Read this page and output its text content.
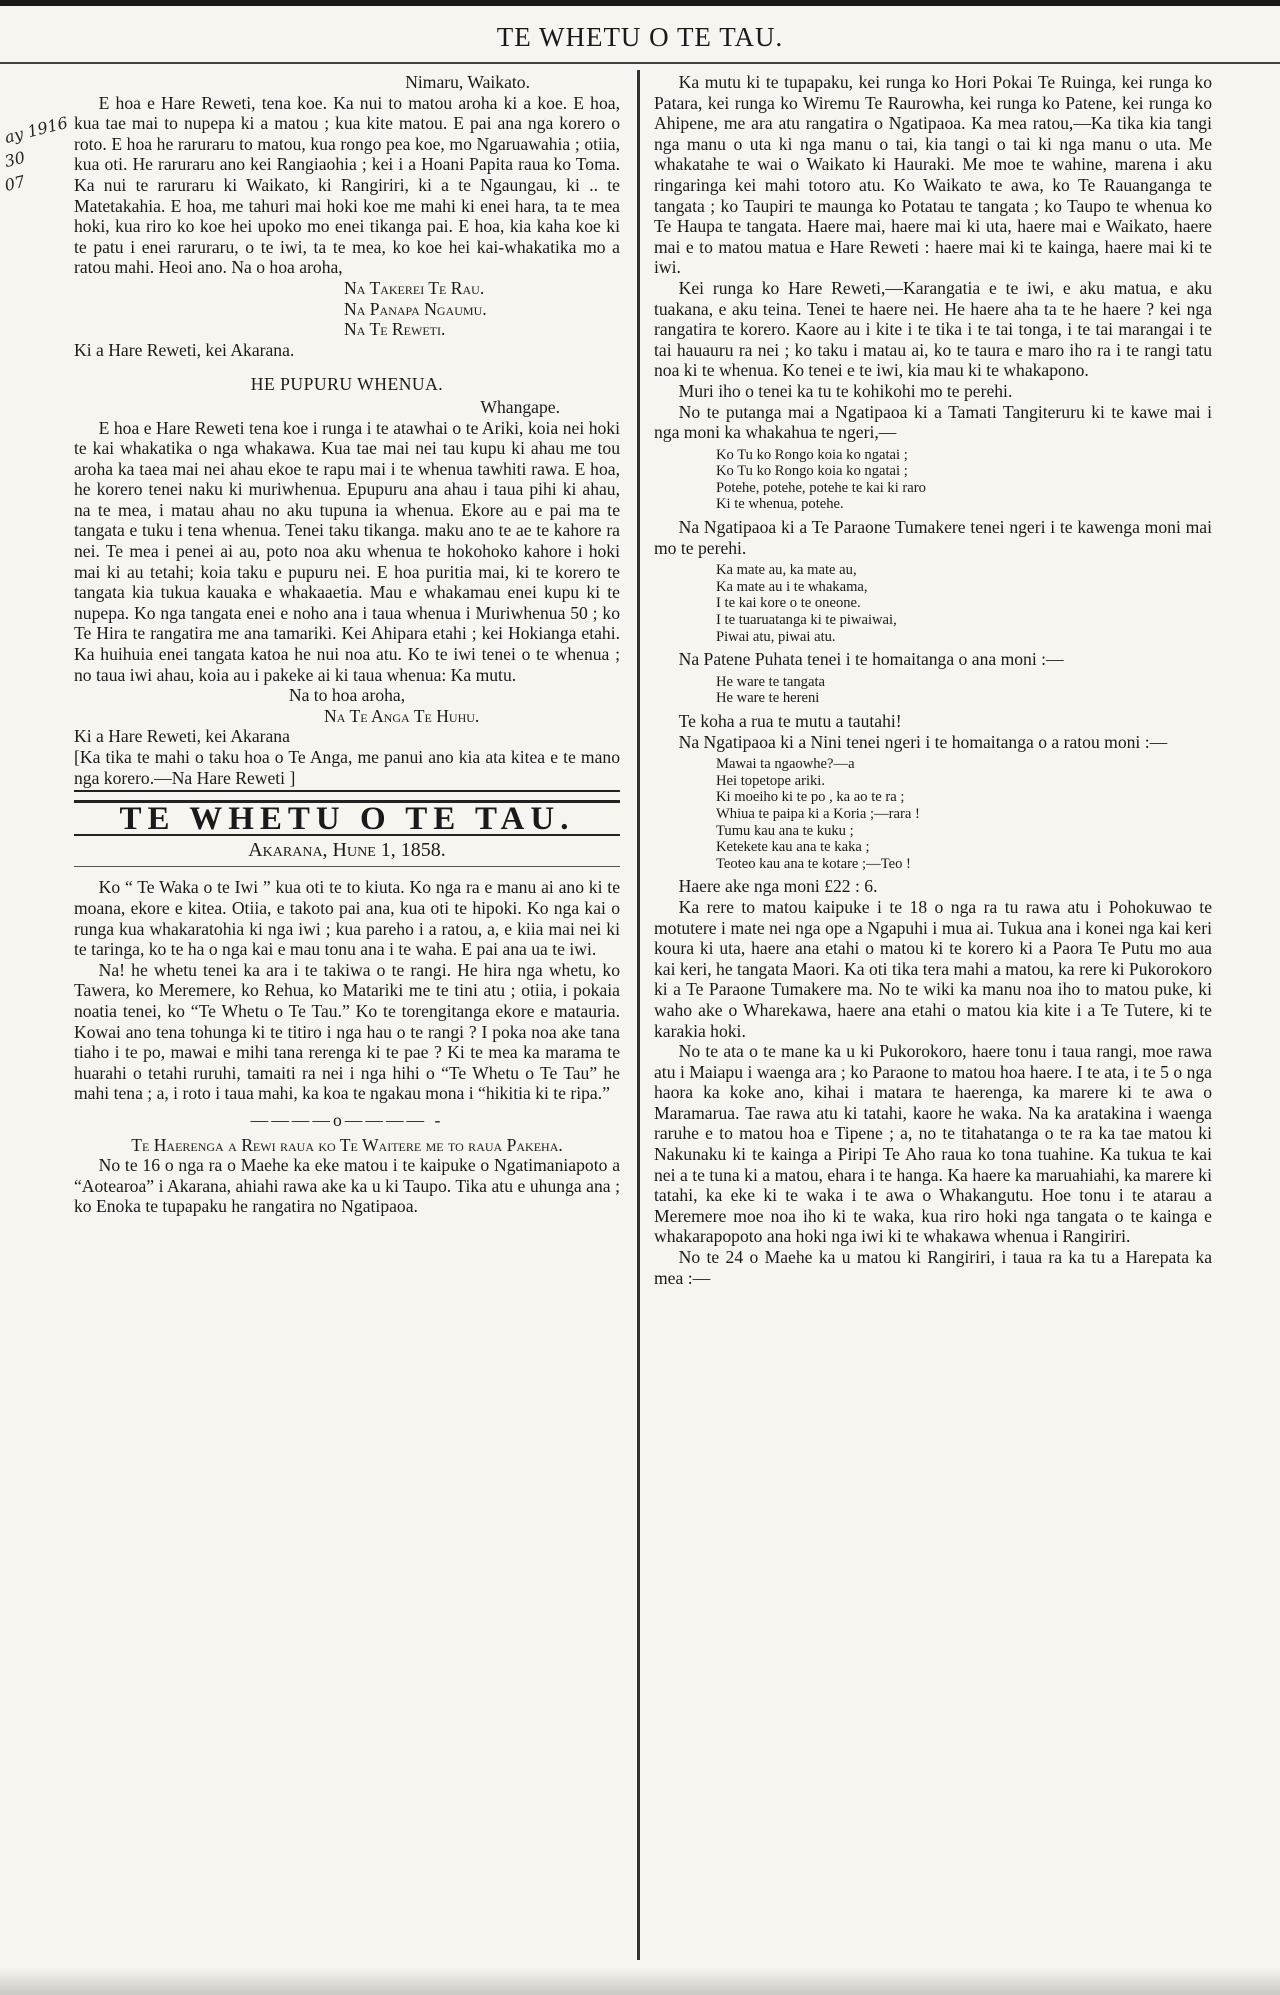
TE WHETU O TE TAU.
ay 1916
30
07

Nimaru, Waikato.

E hoa e Hare Reweti, tena koe. Ka nui to matou aroha ki a koe. E hoa, kua tae mai to nupepa ki a matou ; kua kite matou. E pai ana nga korero o roto. E hoa he raruraru to matou, kua rongo pea koe, mo Ngaruawahia ; otiia, kua oti. He raruraru ano kei Rangiaohia ; kei i a Hoani Papita raua ko Toma. Ka nui te raruraru ki Waikato, ki Rangiriri, ki a te Ngaungau, ki .. te Matetakahia. E hoa, me tahuri mai hoki koe me mahi ki enei hara, ta te mea hoki, kua riro ko koe hei upoko mo enei tikanga pai. E hoa, kia kaha koe ki te patu i enei raruraru, o te iwi, ta te mea, ko koe hei kai-whakatika mo a ratou mahi. Heoi ano. Na o hoa aroha,

Na Takerei Te Rau.

Na Panapa Ngaumu.

Na Te Reweti.

Ki a Hare Reweti, kei Akarana.

HE PUPURU WHENUA.

Whangape.

E hoa e Hare Reweti tena koe i runga i te atawhai o te Ariki, koia nei hoki te kai whakatika o nga whakawa. Kua tae mai nei tau kupu ki ahau me tou aroha ka taea mai nei ahau ekoe te rapu mai i te whenua tawhiti rawa. E hoa, he korero tenei naku ki muriwhenua. Epupuru ana ahau i taua pihi ki ahau, na te mea, i matau ahau no aku tupuna ia whenua. Ekore au e pai ma te tangata e tuku i tena whenua. Tenei taku tikanga. maku ano te ae te kahore ra nei. Te mea i penei ai au, poto noa aku whenua te hokohoko kahore i hoki mai ki au tetahi; koia taku e pupuru nei. E hoa puritia mai, ki te korero te tangata kia tukua kauaka e whakaaetia. Mau e whakamau enei kupu ki te nupepa. Ko nga tangata enei e noho ana i taua whenua i Muriwhenua 50 ; ko Te Hira te rangatira me ana tamariki. Kei Ahipara etahi ; kei Hokianga etahi. Ka huihuia enei tangata katoa he nui noa atu. Ko te iwi tenei o te whenua ; no taua iwi ahau, koia au i pakeke ai ki taua whenua: Ka mutu.

Na to hoa aroha,

Na Te Anga Te Huhu.

Ki a Hare Reweti, kei Akarana

[Ka tika te mahi o taku hoa o Te Anga, me panui ano kia ata kitea e te mano nga korero.—Na Hare Reweti ]

TE WHETU O TE TAU.
Akarana, Hune 1, 1858.

Ko “ Te Waka o te Iwi ” kua oti te to kiuta. Ko nga ra e manu ai ano ki te moana, ekore e kitea. Otiia, e takoto pai ana, kua oti te hipoki. Ko nga kai o runga kua whakaratohia ki nga iwi ; kua pareho i a ratou, a, e kiia mai nei ki te taringa, ko te ha o nga kai e mau tonu ana i te waha. E pai ana ua te iwi.

Na! he whetu tenei ka ara i te takiwa o te rangi. He hira nga whetu, ko Tawera, ko Meremere, ko Rehua, ko Matariki me te tini atu ; otiia, i pokaia noatia tenei, ko “Te Whetu o Te Tau.” Ko te torengitanga ekore e matauria. Kowai ano tena tohunga ki te titiro i nga hau o te rangi ? I poka noa ake tana tiaho i te po, mawai e mihi tana rerenga ki te pae ? Ki te mea ka marama te huarahi o tetahi ruruhi, tamaiti ra nei i nga hihi o “Te Whetu o Te Tau” he mahi tena ; a, i roto i taua mahi, ka koa te ngakau mona i “hikitia ki te ripa.”

————o———— -

Te Haerenga a Rewi raua ko Te Waitere me to raua Pakeha.

No te 16 o nga ra o Maehe ka eke matou i te kaipuke o Ngatimaniapoto a “Aotearoa” i Akarana, ahiahi rawa ake ka u ki Taupo. Tika atu e uhunga ana ; ko Enoka te tupapaku he rangatira no Ngatipaoa.

Ka mutu ki te tupapaku, kei runga ko Hori Pokai Te Ruinga, kei runga ko Patara, kei runga ko Wiremu Te Raurowha, kei runga ko Patene, kei runga ko Ahipene, me ara atu rangatira o Ngatipaoa. Ka mea ratou,—Ka tika kia tangi nga manu o uta ki nga manu o tai, kia tangi o tai ki nga manu o uta. Me whakatahe te wai o Waikato ki Hauraki. Me moe te wahine, marena i aku ringaringa kei mahi totoro atu. Ko Waikato te awa, ko Te Rauanganga te tangata ; ko Taupiri te maunga ko Potatau te tangata ; ko Taupo te whenua ko Te Haupa te tangata. Haere mai, haere mai ki uta, haere mai e Waikato, haere mai e to matou matua e Hare Reweti : haere mai ki te kainga, haere mai ki te iwi.

Kei runga ko Hare Reweti,—Karangatia e te iwi, e aku matua, e aku tuakana, e aku teina. Tenei te haere nei. He haere aha ta te he haere ? kei nga rangatira te korero. Kaore au i kite i te tika i te tai tonga, i te tai marangai i te tai hauauru ra nei ; ko taku i matau ai, ko te taura e maro iho ra i te rangi tatu noa ki te whenua. Ko tenei e te iwi, kia mau ki te whakapono.

Muri iho o tenei ka tu te kohikohi mo te perehi.

No te putanga mai a Ngatipaoa ki a Tamati Tangiteruru ki te kawe mai i nga moni ka whakahua te ngeri,—

Ko Tu ko Rongo koia ko ngatai ;
Ko Tu ko Rongo koia ko ngatai ;
Potehe, potehe, potehe te kai ki raro
Ki te whenua, potehe.

Na Ngatipaoa ki a Te Paraone Tumakere tenei ngeri i te kawenga moni mai mo te perehi.

Ka mate au, ka mate au,
Ka mate au i te whakama,
I te kai kore o te oneone.
I te tuaruatanga ki te piwaiwai,
Piwai atu, piwai atu.

Na Patene Puhata tenei i te homaitanga o ana moni :—

He ware te tangata
He ware te hereni

Te koha a rua te mutu a tautahi!

Na Ngatipaoa ki a Nini tenei ngeri i te homaitanga o a ratou moni :—

Mawai ta ngaowhe?—a
Hei topetope ariki.
Ki moeiho ki te po , ka ao te ra ;
Whiua te paipa ki a Koria ;—rara !
Tumu kau ana te kuku ;
Ketekete kau ana te kaka ;
Teoteo kau ana te kotare ;—Teo !

Haere ake nga moni £22 : 6.

Ka rere to matou kaipuke i te 18 o nga ra tu rawa atu i Pohokuwao te motutere i mate nei nga ope a Ngapuhi i mua ai. Tukua ana i konei nga kai keri koura ki uta, haere ana etahi o matou ki te korero ki a Paora Te Putu mo aua kai keri, he tangata Maori. Ka oti tika tera mahi a matou, ka rere ki Pukorokoro ki a Te Paraone Tumakere ma. No te wiki ka manu noa iho to matou puke, ki waho ake o Wharekawa, haere ana etahi o matou kia kite i a Te Tutere, ki te karakia hoki.

No te ata o te mane ka u ki Pukorokoro, haere tonu i taua rangi, moe rawa atu i Maiapu i waenga ara ; ko Paraone to matou hoa haere. I te ata, i te 5 o nga haora ka koke ano, kihai i matara te haerenga, ka marere ki te awa o Maramarua. Tae rawa atu ki tatahi, kaore he waka. Na ka aratakina i waenga raruhe e to matou hoa e Tipene ; a, no te titahatanga o te ra ka tae matou ki Nakunaku ki te kainga a Piripi Te Aho raua ko tona tuahine. Ka tukua te kai nei a te tuna ki a matou, ehara i te hanga. Ka haere ka maruahiahi, ka marere ki tatahi, ka eke ki te waka i te awa o Whakangutu. Hoe tonu i te atarau a Meremere moe noa iho ki te waka, kua riro hoki nga tangata o te kainga e whakarapopoto ana hoki nga iwi ki te whakawa whenua i Rangiriri.

No te 24 o Maehe ka u matou ki Rangiriri, i taua ra ka tu a Harepata ka mea :—
